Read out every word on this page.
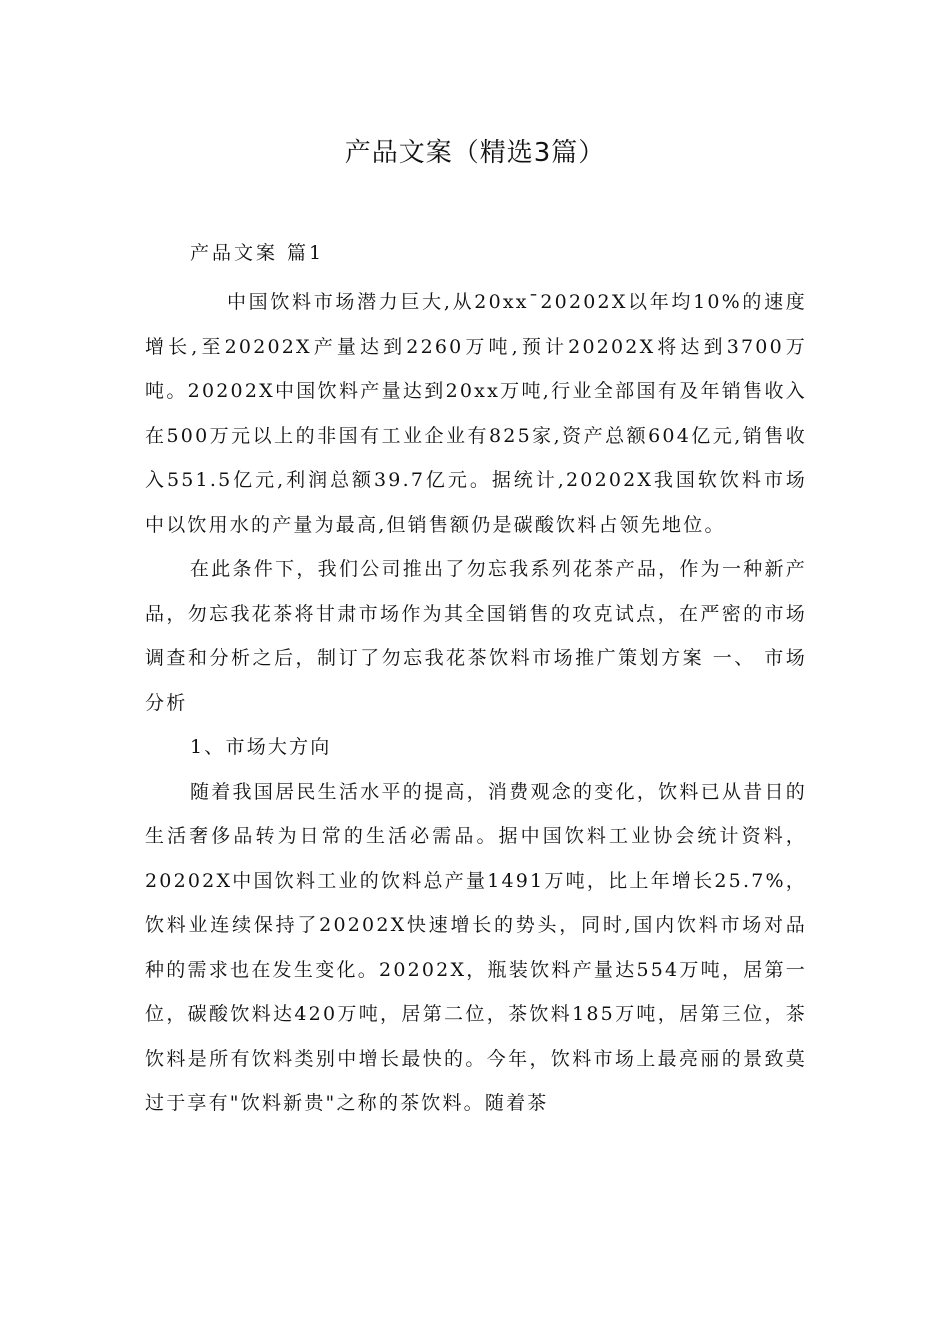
产品文案（精选3篇）
产品文案 篇1

中国饮料市场潜力巨大,从20xx¯20202X以年均10%的速度增长,至20202X产量达到2260万吨,预计20202X将达到3700万吨。20202X中国饮料产量达到20xx万吨,行业全部国有及年销售收入在500万元以上的非国有工业企业有825家,资产总额604亿元,销售收入551.5亿元,利润总额39.7亿元。据统计,20202X我国软饮料市场中以饮用水的产量为最高,但销售额仍是碳酸饮料占领先地位。

在此条件下，我们公司推出了勿忘我系列花茶产品，作为一种新产品，勿忘我花茶将甘肃市场作为其全国销售的攻克试点，在严密的市场调查和分析之后，制订了勿忘我花茶饮料市场推广策划方案 一、 市场分析

1、市场大方向

随着我国居民生活水平的提高，消费观念的变化，饮料已从昔日的生活奢侈品转为日常的生活必需品。据中国饮料工业协会统计资料，20202X中国饮料工业的饮料总产量1491万吨，比上年增长25.7%，饮料业连续保持了20202X快速增长的势头，同时,国内饮料市场对品种的需求也在发生变化。20202X，瓶装饮料产量达554万吨，居第一位，碳酸饮料达420万吨，居第二位，茶饮料185万吨，居第三位，茶饮料是所有饮料类别中增长最快的。今年，饮料市场上最亮丽的景致莫过于享有"饮料新贵"之称的茶饮料。随着茶
